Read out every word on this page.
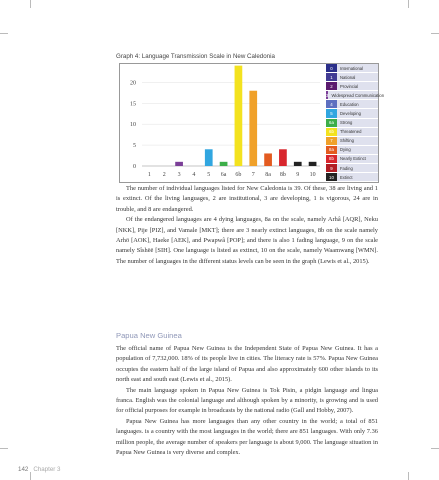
Graph 4: Language Transmission Scale in New Caledonia
0
5
10
15
20
1 2 3 4 5 6a 6b 7 8a 8b 9 10
0	International
1	National
2	Provincial
3 Widespread Communication
4	Education
5	Developing
6a	Strong
6b	Threatened
7	Shifting
8a	Dying
8b	Nearly Extinct
9	Fading
10	Extinct

The number of individual languages listed for New Caledonia is 39. Of these, 38 are living and 1 is extinct. Of the living languages, 2 are institutional, 3 are developing, 1 is vigorous, 24 are in trouble, and 8 are endangered.

Of the endangered languages are 4 dying languages, 8a on the scale, namely Arhâ [AQR], Neku [NKK], Pije [PIZ], and Vamale [MKT]; there are 3 nearly extinct languages, 8b on the scale namely Arhö [AOK], Haeke [AEK], and Pwapwâ [POP]; and there is also 1 fading language, 9 on the scale namely Sîshëë [SIH]. One language is listed as extinct, 10 on the scale, namely Waamwang [WMN]. The number of languages in the different status levels can be seen in the graph (Lewis et al., 2015).

Papua New Guinea

The official name of Papua New Guinea is the Independent State of Papua New Guinea. It has a population of 7,732,000. 18% of its people live in cities. The literacy rate is 57%. Papua New Guinea occupies the eastern half of the large island of Papua and also approximately 600 other islands to its north east and south east (Lewis et al., 2015).

The main language spoken in Papua New Guinea is Tok Pisin, a pidgin language and lingua franca. English was the colonial language and although spoken by a minority, is growing and is used for official purposes for example in broadcasts by the national radio (Gall and Hobby, 2007).

Papua New Guinea has more languages than any other country in the world; a total of 851 languages. is a country with the most languages in the world; there are 851 languages. With only 7.36 million people, the average number of speakers per language is about 9,000. The language situation in Papua New Guinea is very diverse and complex.

142 Chapter 3
